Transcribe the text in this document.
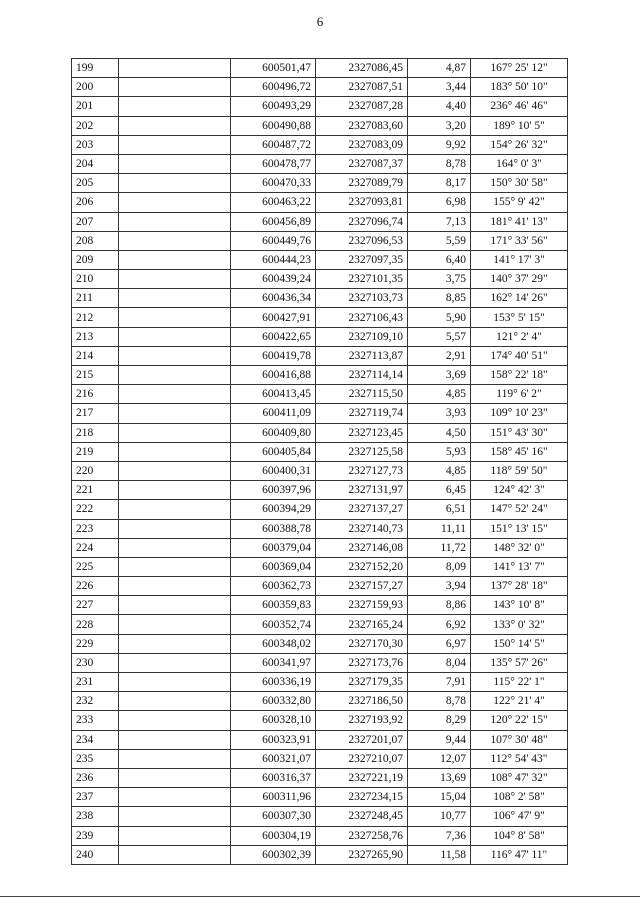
6
199		600501,47	2327086,45	4,87	167° 25' 12"
200		600496,72	2327087,51	3,44	183° 50' 10"
201		600493,29	2327087,28	4,40	236° 46' 46"
202		600490,88	2327083,60	3,20	189° 10' 5"
203		600487,72	2327083,09	9,92	154° 26' 32"
204		600478,77	2327087,37	8,78	164° 0' 3"
205		600470,33	2327089,79	8,17	150° 30' 58"
206		600463,22	2327093,81	6,98	155° 9' 42"
207		600456,89	2327096,74	7,13	181° 41' 13"
208		600449,76	2327096,53	5,59	171° 33' 56"
209		600444,23	2327097,35	6,40	141° 17' 3"
210		600439,24	2327101,35	3,75	140° 37' 29"
211		600436,34	2327103,73	8,85	162° 14' 26"
212		600427,91	2327106,43	5,90	153° 5' 15"
213		600422,65	2327109,10	5,57	121° 2' 4"
214		600419,78	2327113,87	2,91	174° 40' 51"
215		600416,88	2327114,14	3,69	158° 22' 18"
216		600413,45	2327115,50	4,85	119° 6' 2"
217		600411,09	2327119,74	3,93	109° 10' 23"
218		600409,80	2327123,45	4,50	151° 43' 30"
219		600405,84	2327125,58	5,93	158° 45' 16"
220		600400,31	2327127,73	4,85	118° 59' 50"
221		600397,96	2327131,97	6,45	124° 42' 3"
222		600394,29	2327137,27	6,51	147° 52' 24"
223		600388,78	2327140,73	11,11	151° 13' 15"
224		600379,04	2327146,08	11,72	148° 32' 0"
225		600369,04	2327152,20	8,09	141° 13' 7"
226		600362,73	2327157,27	3,94	137° 28' 18"
227		600359,83	2327159,93	8,86	143° 10' 8"
228		600352,74	2327165,24	6,92	133° 0' 32"
229		600348,02	2327170,30	6,97	150° 14' 5"
230		600341,97	2327173,76	8,04	135° 57' 26"
231		600336,19	2327179,35	7,91	115° 22' 1"
232		600332,80	2327186,50	8,78	122° 21' 4"
233		600328,10	2327193,92	8,29	120° 22' 15"
234		600323,91	2327201,07	9,44	107° 30' 48"
235		600321,07	2327210,07	12,07	112° 54' 43"
236		600316,37	2327221,19	13,69	108° 47' 32"
237		600311,96	2327234,15	15,04	108° 2' 58"
238		600307,30	2327248,45	10,77	106° 47' 9"
239		600304,19	2327258,76	7,36	104° 8' 58"
240		600302,39	2327265,90	11,58	116° 47' 11"
